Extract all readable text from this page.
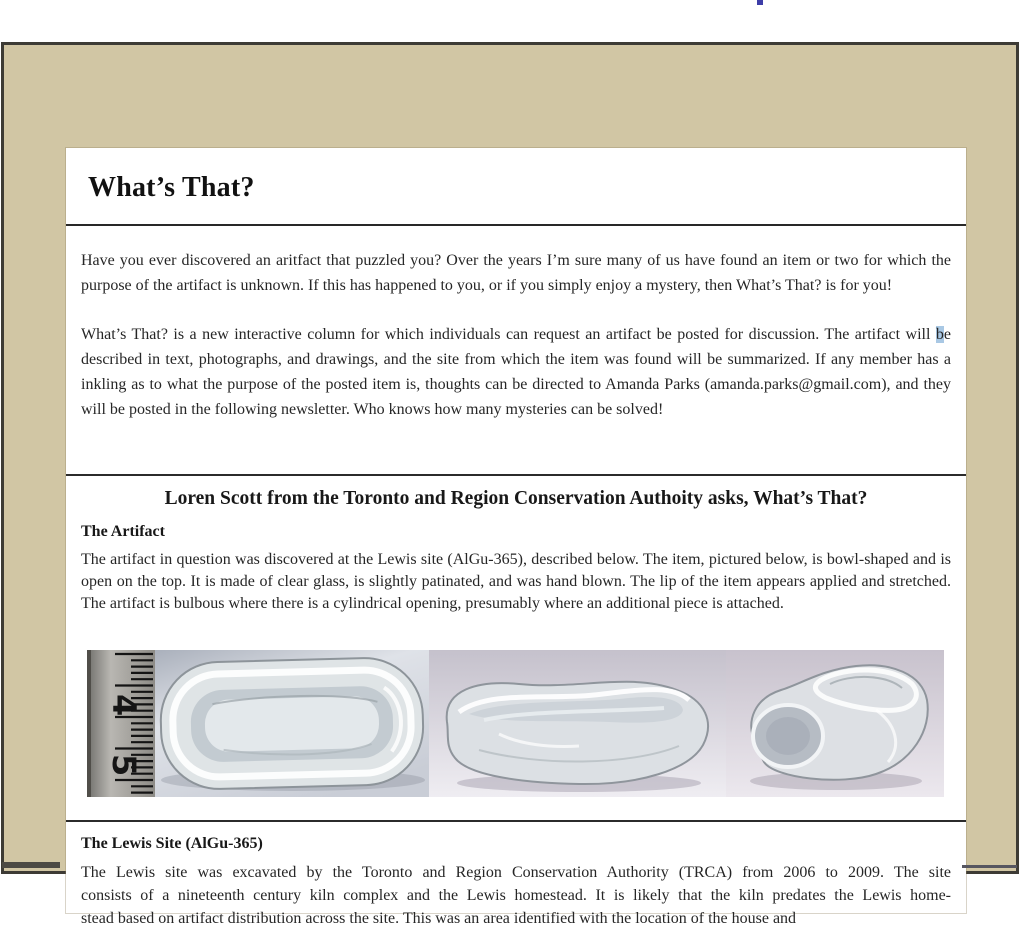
What’s That?

Have you ever discovered an aritfact that puzzled you? Over the years I’m sure many of us have found an item or two for which the purpose of the artifact is unknown. If this has happened to you, or if you simply enjoy a mystery, then What’s That? is for you!

What’s That? is a new interactive column for which individuals can request an artifact be posted for discussion. The artifact will be described in text, photographs, and drawings, and the site from which the item was found will be summarized. If any member has a inkling as to what the purpose of the posted item is, thoughts can be directed to Amanda Parks (amanda.parks@gmail.com), and they will be posted in the following newsletter. Who knows how many mysteries can be solved!

Loren Scott from the Toronto and Region Conservation Authoity asks, What’s That?
The Artifact

The artifact in question was discovered at the Lewis site (AlGu-365), described below. The item, pictured below, is bowl-shaped and is open on the top. It is made of clear glass, is slightly patinated, and was hand blown. The lip of the item appears applied and stretched. The artifact is bulbous where there is a cylindrical opening, presumably where an additional piece is attached.

4
5
The Lewis Site (AlGu-365)
The Lewis site was excavated by the Toronto and Region Conservation Authority (TRCA) from 2006 to 2009. The site
consists of a nineteenth century kiln complex and the Lewis homestead. It is likely that the kiln predates the Lewis home-
stead based on artifact distribution across the site. This was an area identified with the location of the house and
